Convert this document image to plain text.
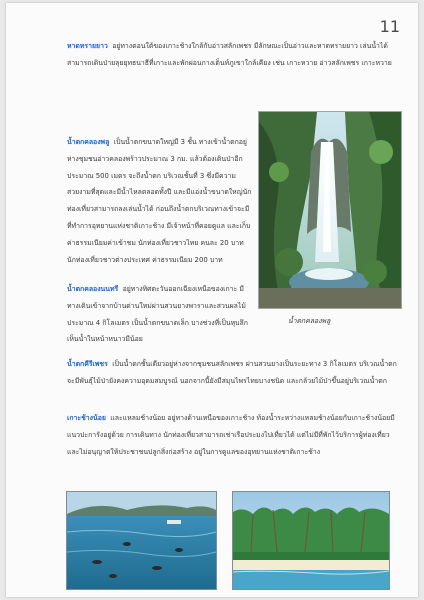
11

หาดทรายยาว อยู่ทางตอนใต้ของเกาะช้างใกล้กับอ่าวสลักเพชร มีลักษณะเป็นอ่าวและหาดทรายยาว เล่นน้ำได้สามารถเดินป่ายลุยยุทธนาธีที่เกาะและพักผ่อนกางเต็นท์ภูเขาใกล้เคียง เช่น เกาะหวาย อ่าวสลักเพชร เกาะหวาย

น้ำตกคลองพลู เป็นน้ำตกขนาดใหญ่มี 3 ชั้น ทางเข้าน้ำตกอยู่ห่างชุมชนอ่าวคลองพร้าวประมาณ 3 กม. แล้วต้องเดินป่าอีกประมาณ 500 เมตร จะถึงน้ำตก บริเวณชั้นที่ 3 ซึ่งมีความสวยงามที่สุดและมีน้ำไหลตลอดทั้งปี และมีแอ่งน้ำขนาดใหญ่นักท่องเที่ยวสามารถลงเล่นน้ำได้ ก่อนถึงน้ำตกบริเวณทางเข้าจะมีที่ทำการอุทยานแห่งชาติเกาะช้าง มีเจ้าหน้าที่คอยดูแล และเก็บค่าธรรมเนียมค่าเข้าชม นักท่องเที่ยวชาวไทย คนละ 20 บาท นักท่องเที่ยวชาวต่างประเทศ ค่าธรรมเนียม 200 บาท

น้ำตกคลองพลู

น้ำตกคลองนนทรี อยู่ทางทิศตะวันออกเฉียงเหนือของเกาะ มีทางเดินเข้าจากบ้านด่านใหม่ผ่านสวนยางพาราและสวนผลไม้ ประมาณ 4 กิโลเมตร เป็นน้ำตกขนาดเล็ก บางช่วงที่เป็นหุบลึกเห็นน้ำในหน้าหนาวมีน้อย

น้ำตกคีรีเพชร เป็นน้ำตกชั้นเดียวอยู่ห่างจากชุมชนสลักเพชร ผ่านสวนยางเป็นระยะทาง 3 กิโลเมตร บริเวณน้ำตกจะมีพันธุ์ไม้ป่ายังคงความอุดมสมบูรณ์ นอกจากนี้ยังมีสมุนไพรไทยบางชนิด และกล้วยไม้ป่าขึ้นอยู่บริเวณน้ำตก

เกาะช้างน้อย และแหลมช้างน้อย อยู่ทางด้านเหนือของเกาะช้าง ท้องน้ำระหว่างแหลมช้างน้อยกับเกาะช้างน้อยมีแนวปะการังอยู่ด้วย การเดินทาง นักท่องเที่ยวสามารถเช่าเรือประมงไปเที่ยวได้ แต่ไม่มีที่พักไว้บริการผู้ท่องเที่ยว และไม่อนุญาตให้ประชาชนปลูกสิ่งก่อสร้าง อยู่ในการดูแลของอุทยานแห่งชาติเกาะช้าง
